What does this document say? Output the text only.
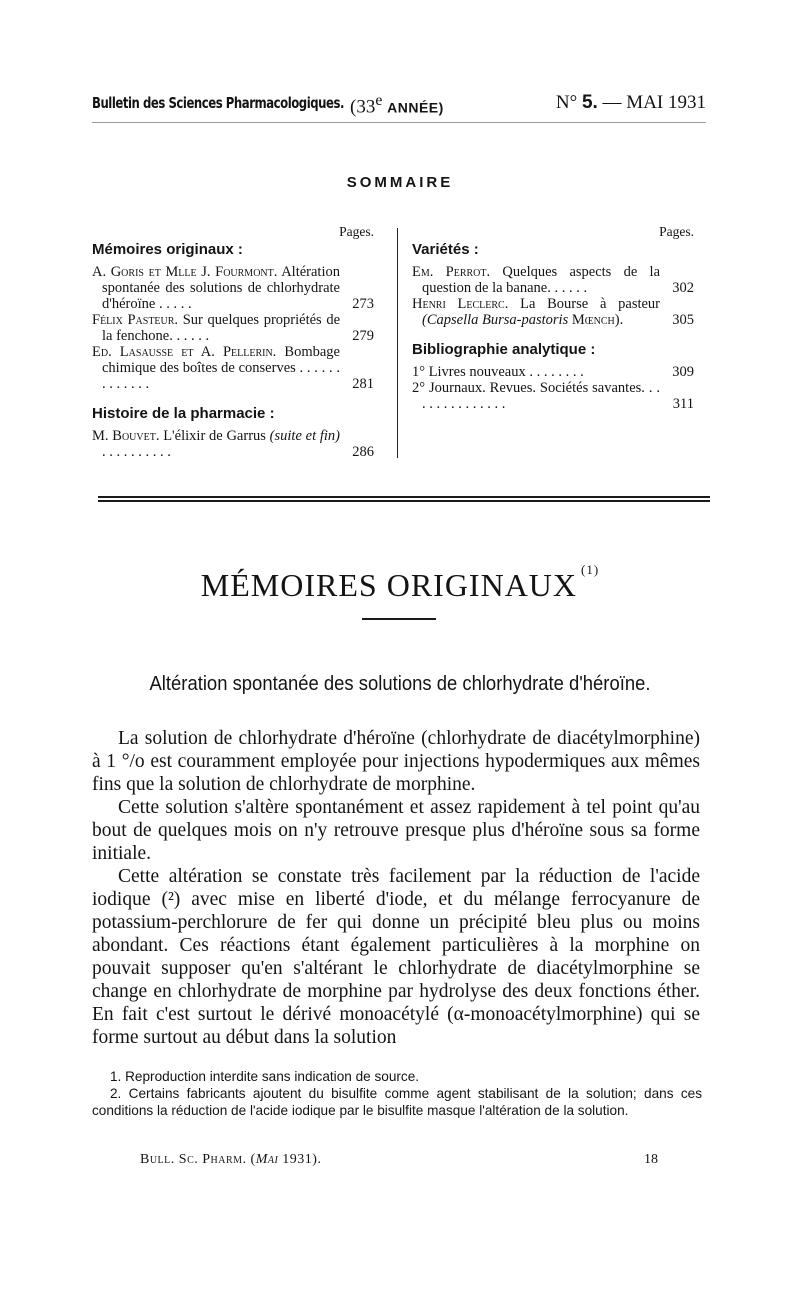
Bulletin des Sciences Pharmacologiques. (33e ANNÉE)	N° 5. — MAI 1931
SOMMAIRE
Pages.
Mémoires originaux :
A. Goris et Mlle J. Fourmont. Altération spontanée des solutions de chlorhydrate d'héroïne . . . . .	273
Félix Pasteur. Sur quelques propriétés de la fenchone. . . . . .	279
Ed. Lasausse et A. Pellerin. Bombage chimique des boîtes de conserves . . . . . . . . . . . . .	281
Histoire de la pharmacie :
M. Bouvet. L'élixir de Garrus (suite et fin) . . . . . . . . . .	286
Pages.
Variétés :
Em. Perrot. Quelques aspects de la question de la banane. . . . . .	302
Henri Leclerc. La Bourse à pasteur (Capsella Bursa-pastoris Mœnch).	305
Bibliographie analytique :
1° Livres nouveaux . . . . . . . .	309
2° Journaux. Revues. Sociétés savantes. . . . . . . . . . . . . . .	311
MÉMOIRES ORIGINAUX $^{(1)}$
Altération spontanée des solutions de chlorhydrate d'héroïne.

La solution de chlorhydrate d'héroïne (chlorhydrate de diacétylmorphine) à 1 °/o est couramment employée pour injections hypodermiques aux mêmes fins que la solution de chlorhydrate de morphine.

Cette solution s'altère spontanément et assez rapidement à tel point qu'au bout de quelques mois on n'y retrouve presque plus d'héroïne sous sa forme initiale.

Cette altération se constate très facilement par la réduction de l'acide iodique (²) avec mise en liberté d'iode, et du mélange ferrocyanure de potassium-perchlorure de fer qui donne un précipité bleu plus ou moins abondant. Ces réactions étant également particulières à la morphine on pouvait supposer qu'en s'altérant le chlorhydrate de diacétylmorphine se change en chlorhydrate de morphine par hydrolyse des deux fonctions éther. En fait c'est surtout le dérivé monoacétylé (α-monoacétylmorphine) qui se forme surtout au début dans la solution

1. Reproduction interdite sans indication de source.

2. Certains fabricants ajoutent du bisulfite comme agent stabilisant de la solution; dans ces conditions la réduction de l'acide iodique par le bisulfite masque l'altération de la solution.

Bull. Sc. Pharm. (Mai 1931).	18
